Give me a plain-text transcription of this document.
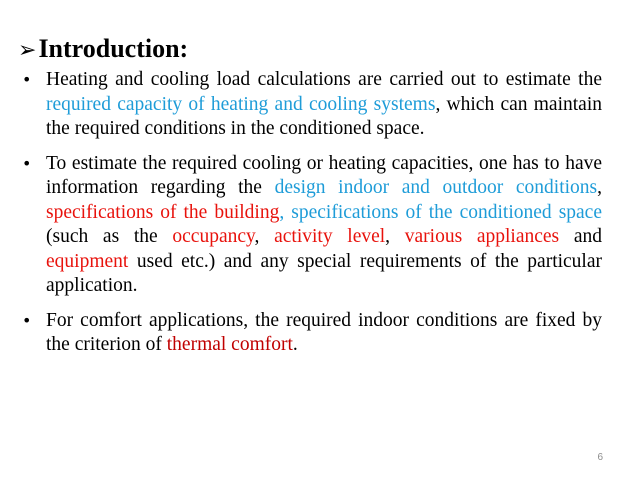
➢Introduction:
• Heating and cooling load calculations are carried out to estimate the required capacity of heating and cooling systems, which can maintain the required conditions in the conditioned space.
• To estimate the required cooling or heating capacities, one has to have information regarding the design indoor and outdoor conditions, specifications of the building, specifications of the conditioned space (such as the occupancy, activity level, various appliances and equipment used etc.) and any special requirements of the particular application.
• For comfort applications, the required indoor conditions are fixed by the criterion of thermal comfort.
6
